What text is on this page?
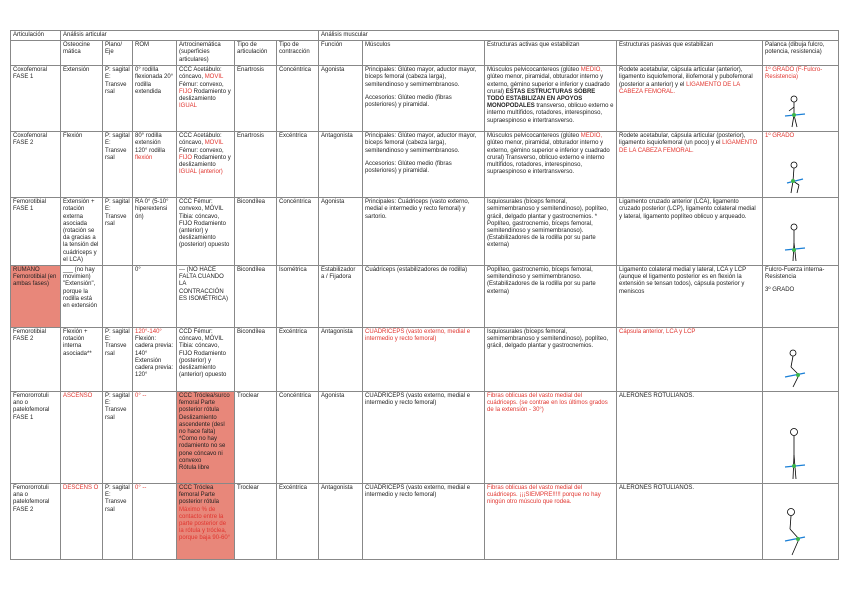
Articulación	Análisis articular						Análisis muscular				
	Osteocine mática	Plano/ Eje	ROM	Artrocinemática (superficies articulares)	Tipo de articulación	Tipo de contracción	Función	Músculos	Estructuras activas que estabilizan	Estructuras pasivas que estabilizan	Palanca (dibuja fulcro, potencia, resistencia)
Coxofemoral FASE 1	Extensión	P: sagital E: Transve rsal	0° rodilla flexionada 20° rodilla extendida	CCC Acetábulo: cóncavo, MOVIL Fémur: convexo, FIJO Rodamiento y deslizamiento IGUAL	Enartrosis	Concéntrica	Agonista	Principales: Glúteo mayor, aductor mayor, bíceps femoral (cabeza larga), semitendinoso y semimembranoso.
Accesorios: Glúteo medio (fibras posteriores) y piramidal.	Músculos pelvicocantereos (glúteo MEDIO, glúteo menor, piramidal, obturador interno y externo, gémino superior e inferior y cuadrado crural) ESTAS ESTRUCTURAS SOBRE TODO ESTABILIZAN EN APOYOS MONOPODALES transverso, oblicuo externo e interno multífidos, rotadores, interespinoso, supraespinoso e intertransverso.	Rodete acetabular, cápsula articular (anterior), ligamento isquiofemoral, iliofemoral y pubofemoral (posterior a anterior) y el LIGAMENTO DE LA CABEZA FEMORAL.	1º GRADO (F-Fulcro-Resistencia)

Coxofemoral FASE 2	Flexión	P: sagital E: Transve rsal	80° rodilla extensión 120° rodilla flexión	CCC Acetábulo: cóncavo, MOVIL Fémur: convexo, FIJO Rodamiento y deslizamiento IGUAL (anterior)	Enartrosis	Excéntrica	Antagonista	Principales: Glúteo mayor, aductor mayor, bíceps femoral (cabeza larga), semitendinoso y semimembranoso.
Accesorios: Glúteo medio (fibras posteriores) y piramidal.	Músculos pelvicocantereos (glúteo MEDIO, glúteo menor, piramidal, obturador interno y externo, gémino superior e inferior y cuadrado crural) Transverso, oblicuo externo e interno multífidos, rotadores, interespinoso, supraespinoso e intertransverso.	Rodete acetabular, cápsula articular (posterior), ligamento isquiofemoral (un poco) y el LIGAMENTO DE LA CABEZA FEMORAL.	1º GRADO

Femorotibial FASE 1	Extensión + rotación externa asociada (rotación se da gracias a la tensión del cuádriceps y el LCA)	P: sagital E: Transve rsal	RA 0° (5-10° hiperextensi ón)	CCC Fémur: convexo, MÓVIL Tibia: cóncavo, FIJO Rodamiento (anterior) y deslizamiento (posterior) opuesto	Bicondílea	Concéntrica	Agonista	Principales: Cuádriceps (vasto externo, medial e intermedio y recto femoral) y sartorio.	Isquiosurales (bíceps femoral, semimembranoso y semitendinoso), poplíteo, grácil, delgado plantar y gastrocnemios. * Poplíteo, gastrocnemio, bíceps femoral, semitendinoso y semimembranoso). (Estabilizadores de la rodilla por su parte externa)	Ligamento cruzado anterior (LCA), ligamento cruzado posterior (LCP), ligamento colateral medial y lateral, ligamento poplíteo oblicuo y arqueado.	

RUMANO Femorotibial (en ambas fases)	___ (no hay movimien) "Extensión", porque la rodilla está en extensión		0°	--- (NO HACE FALTA CUANDO LA CONTRACCIÓN ES ISOMÉTRICA)	Bicondílea	Isométrica	Estabilizador a / Fijadora	Cuádriceps (estabilizadores de rodilla)	Poplíteo, gastrocnemio, bíceps femoral, semitendinoso y semimembranoso. (Estabilizadores de la rodilla por su parte externa)	Ligamento colateral medial y lateral, LCA y LCP (aunque el ligamento posterior es en flexión la extensión se tensan todos), cápsula posterior y meniscos	Fulcro-Fuerza interna-Resistencia
3º GRADO

Femorotibial FASE 2	Flexión + rotación interna asociada**	P: sagital E: Transve rsal	120°-140°
Flexión: cadera previa: 140° Extensión cadera previa: 120°	CCD Fémur: cóncavo, MÓVIL Tibia: cóncavo, FIJO Rodamiento (posterior) y deslizamiento (anterior) opuesto	Bicondílea	Excéntrica	Antagonista	CUÁDRICEPS (vasto externo, medial e intermedio y recto femoral)	Isquiosurales (bíceps femoral, semimembranoso y semitendinoso), poplíteo, grácil, delgado plantar y gastrocnemios.	Cápsula anterior, LCA y LCP	

Femororrotuli ano o patelofemoral FASE 1	ASCENSO	P: sagital E: Transve rsal	0° --	CCC Tróclea/surco femoral Parte posterior rótula Deslizamiento ascendente (desl no hace falta) *Como no hay rodamiento no se pone cóncavo ni convexo
Rótula libre	Troclear	Concéntrica	Agonista	CUÁDRICEPS (vasto externo, medial e intermedio y recto femoral)	Fibras oblicuas del vasto medial del cuádriceps. (se contrae en los últimos grados de la extensión - 30°)	ALERONES ROTULIANOS.	

Femororrotuli ana o patelofemoral FASE 2	DESCENS O	P: sagital E: Transve rsal	0° --	CCC Tróclea femoral Parte posterior rótula
Máximo % de contacto entre la parte posterior de la rótula y tróclea, porque baja 90-60°	Troclear	Excéntrica	Antagonista	CUÁDRICEPS (vasto externo, medial e intermedio y recto femoral)	Fibras oblicuas del vasto medial del cuádriceps. ¡¡¡SIEMPRE!!!!! porque no hay ningún otro músculo que rodea.	ALERONES ROTULIANOS.	
